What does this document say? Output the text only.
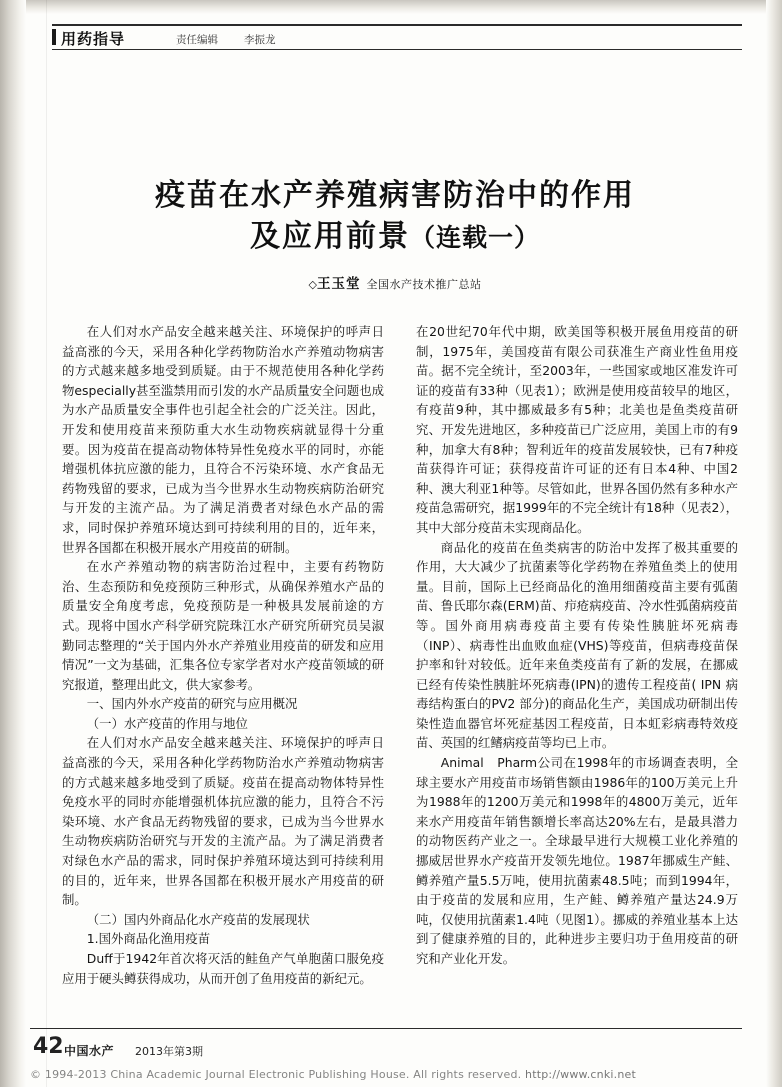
用药指导	责任编辑 李振龙
疫苗在水产养殖病害防治中的作用
及应用前景（连载一）
◇王玉堂 全国水产技术推广总站

在人们对水产品安全越来越关注、环境保护的呼声日益高涨的今天，采用各种化学药物防治水产养殖动物病害的方式越来越多地受到质疑。由于不规范使用各种化学药物especially甚至滥禁用而引发的水产品质量安全问题也成为水产品质量安全事件也引起全社会的广泛关注。因此，开发和使用疫苗来预防重大水生动物疾病就显得十分重要。因为疫苗在提高动物体特异性免疫水平的同时，亦能增强机体抗应激的能力，且符合不污染环境、水产食品无药物残留的要求，已成为当今世界水生动物疾病防治研究与开发的主流产品。为了满足消费者对绿色水产品的需求，同时保护养殖环境达到可持续利用的目的，近年来，世界各国都在积极开展水产用疫苗的研制。

在水产养殖动物的病害防治过程中，主要有药物防治、生态预防和免疫预防三种形式，从确保养殖水产品的质量安全角度考虑，免疫预防是一种极具发展前途的方式。现将中国水产科学研究院珠江水产研究所研究员吴淑勤同志整理的“关于国内外水产养殖业用疫苗的研发和应用情况”一文为基础，汇集各位专家学者对水产疫苗领域的研究报道，整理出此文，供大家参考。

一、国内外水产疫苗的研究与应用概况

（一）水产疫苗的作用与地位

在人们对水产品安全越来越关注、环境保护的呼声日益高涨的今天，采用各种化学药物防治水产养殖动物病害的方式越来越多地受到了质疑。疫苗在提高动物体特异性免疫水平的同时亦能增强机体抗应激的能力，且符合不污染环境、水产食品无药物残留的要求，已成为当今世界水生动物疾病防治研究与开发的主流产品。为了满足消费者对绿色水产品的需求，同时保护养殖环境达到可持续利用的目的，近年来，世界各国都在积极开展水产用疫苗的研制。

（二）国内外商品化水产疫苗的发展现状

1.国外商品化渔用疫苗

Duff于1942年首次将灭活的鲑鱼产气单胞菌口服免疫应用于硬头鳟获得成功，从而开创了鱼用疫苗的新纪元。

在20世纪70年代中期，欧美国等积极开展鱼用疫苗的研制，1975年，美国疫苗有限公司获准生产商业性鱼用疫苗。据不完全统计，至2003年，一些国家或地区准发许可证的疫苗有33种（见表1）；欧洲是使用疫苗较早的地区，有疫苗9种，其中挪威最多有5种；北美也是鱼类疫苗研究、开发先进地区，多种疫苗已广泛应用，美国上市的有9种，加拿大有8种；智利近年的疫苗发展较快，已有7种疫苗获得许可证；获得疫苗许可证的还有日本4种、中国2种、澳大利亚1种等。尽管如此，世界各国仍然有多种水产疫苗急需研究，据1999年的不完全统计有18种（见表2），其中大部分疫苗未实现商品化。

商品化的疫苗在鱼类病害的防治中发挥了极其重要的作用，大大减少了抗菌素等化学药物在养殖鱼类上的使用量。目前，国际上已经商品化的渔用细菌疫苗主要有弧菌苗、鲁氏耶尔森(ERM)苗、疖疮病疫苗、冷水性弧菌病疫苗等。国外商用病毒疫苗主要有传染性胰脏坏死病毒（INP）、病毒性出血败血症(VHS)等疫苗，但病毒疫苗保护率和针对较低。近年来鱼类疫苗有了新的发展，在挪威已经有传染性胰脏坏死病毒(IPN)的遗传工程疫苗( IPN 病毒结构蛋白的PV2 部分)的商品化生产，美国成功研制出传染性造血器官坏死症基因工程疫苗，日本虹彩病毒特效疫苗、英国的红鳍病疫苗等均已上市。

Animal　Pharm公司在1998年的市场调查表明，全球主要水产用疫苗市场销售额由1986年的100万美元上升为1988年的1200万美元和1998年的4800万美元，近年来水产用疫苗年销售额增长率高达20%左右，是最具潜力的动物医药产业之一。全球最早进行大规模工业化养殖的挪威居世界水产疫苗开发领先地位。1987年挪威生产鲑、鳟养殖产量5.5万吨，使用抗菌素48.5吨；而到1994年，由于疫苗的发展和应用，生产鲑、鳟养殖产量达24.9万吨，仅使用抗菌素1.4吨（见图1）。挪威的养殖业基本上达到了健康养殖的目的，此种进步主要归功于鱼用疫苗的研究和产业化开发。

42 中国水产 2013年第3期
© 1994-2013 China Academic Journal Electronic Publishing House. All rights reserved. http://www.cnki.net
